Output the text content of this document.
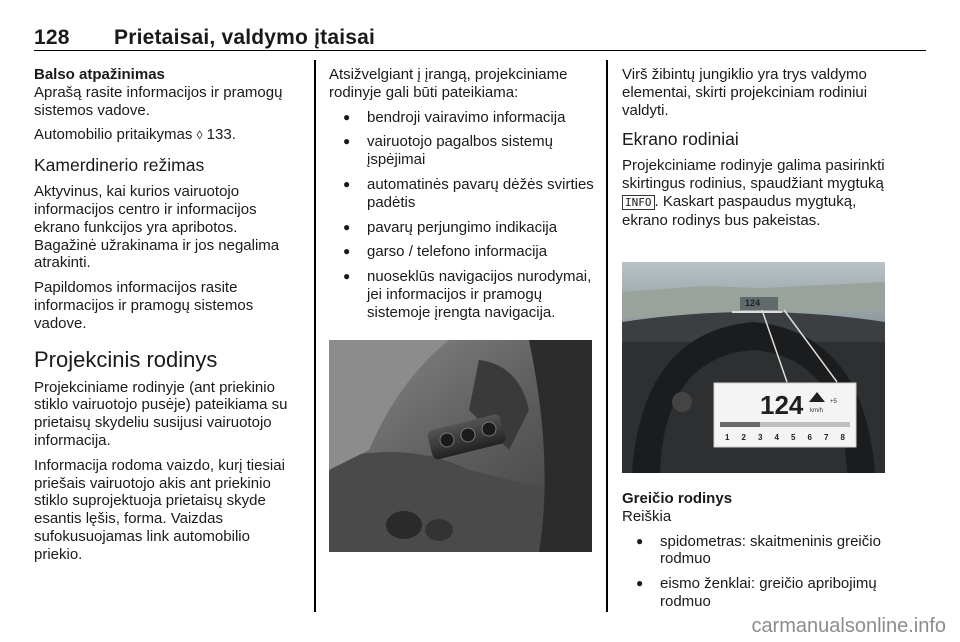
128 Prietaisai, valdymo įtaisai

Balso atpažinimas

Aprašą rasite informacijos ir pramogų sistemos vadove.

Automobilio pritaikymas ◊ 133.

Kamerdinerio režimas

Aktyvinus, kai kurios vairuotojo informacijos centro ir informacijos ekrano funkcijos yra apribotos. Bagažinė užrakinama ir jos negalima atrakinti.

Papildomos informacijos rasite informacijos ir pramogų sistemos vadove.

Projekcinis rodinys

Projekciniame rodinyje (ant priekinio stiklo vairuotojo pusėje) pateikiama su prietaisų skydeliu susijusi vairuotojo informacija.

Informacija rodoma vaizdo, kurį tiesiai priešais vairuotojo akis ant priekinio stiklo suprojektuoja prietaisų skyde esantis lęšis, forma. Vaizdas sufokusuojamas link automobilio priekio.

Atsižvelgiant į įrangą, projekciniame rodinyje gali būti pateikiama:

● bendroji vairavimo informacija
● vairuotojo pagalbos sistemų įspėjimai
● automatinės pavarų dėžės svirties padėtis
● pavarų perjungimo indikacija
● garso / telefono informacija
● nuoseklūs navigacijos nurodymai, jei informacijos ir pramogų sistemoje įrengta navigacija.

Virš žibintų jungiklio yra trys valdymo elementai, skirti projekciniam rodiniui valdyti.

Ekrano rodiniai

Projekciniame rodinyje galima pasirinkti skirtingus rodinius, spaudžiant mygtuką INFO . Kaskart paspaudus mygtuką, ekrano rodinys bus pakeistas.

124
124 km/h
+5
1 2 3 4 5 6 7 8

Greičio rodinys

Reiškia

● spidometras: skaitmeninis greičio rodmuo
● eismo ženklai: greičio apribojimų rodmuo
carmanualsonline.info
